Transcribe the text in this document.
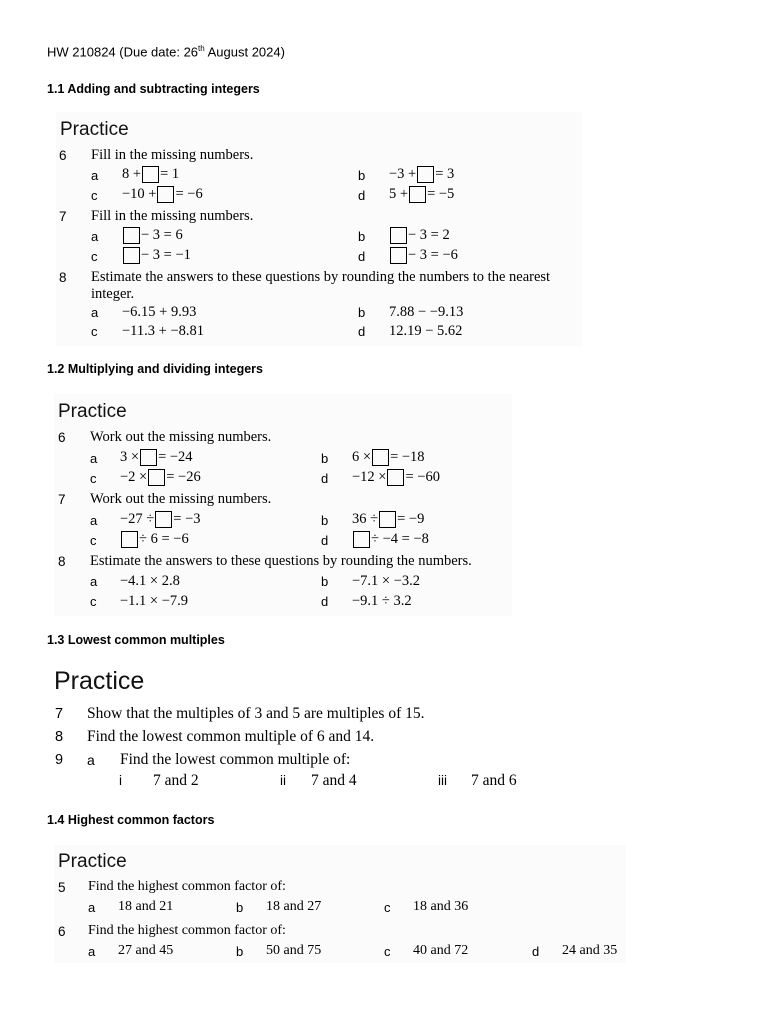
HW 210824 (Due date: 26th August 2024)
1.1 Adding and subtracting integers
Practice
6 Fill in the missing numbers.
a 8 + = 1	b −3 + = 3
c −10 + = −6	d 5 + = −5
7 Fill in the missing numbers.
a	− 3 = 6	b	− 3 = 2
c	− 3 = −1	d	− 3 = −6
8 Estimate the answers to these questions by rounding the numbers to the nearest
integer.
a −6.15 + 9.93	b 7.88 − −9.13
c −11.3 + −8.81	d 12.19 − 5.62
1.2 Multiplying and dividing integers
Practice
6 Work out the missing numbers.
a 3 × = −24	b 6 × = −18
c −2 × = −26	d −12 × = −60
7 Work out the missing numbers.
a −27 ÷ = −3	b 36 ÷ = −9
c	÷ 6 = −6	d	÷ −4 = −8
8 Estimate the answers to these questions by rounding the numbers.
a −4.1 × 2.8	b −7.1 × −3.2
c −1.1 × −7.9	d −9.1 ÷ 3.2
1.3 Lowest common multiples
Practice
7 Show that the multiples of 3 and 5 are multiples of 15.
8 Find the lowest common multiple of 6 and 14.
9 a Find the lowest common multiple of:
i 7 and 2	ii 7 and 4	iii 7 and 6
1.4 Highest common factors
Practice
5 Find the highest common factor of:
a 18 and 21	b 18 and 27	c 18 and 36
6 Find the highest common factor of:
a 27 and 45	b 50 and 75	c 40 and 72	d 24 and 35
